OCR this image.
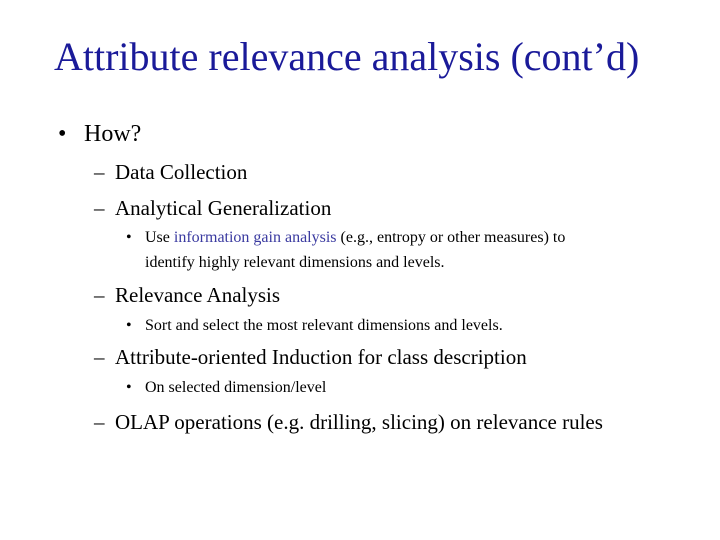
Attribute relevance analysis (cont’d)
• How?
– Data Collection
– Analytical Generalization
• Use information gain analysis (e.g., entropy or other measures) to
identify highly relevant dimensions and levels.
– Relevance Analysis
• Sort and select the most relevant dimensions and levels.
– Attribute-oriented Induction for class description
• On selected dimension/level
– OLAP operations (e.g. drilling, slicing) on relevance rules
